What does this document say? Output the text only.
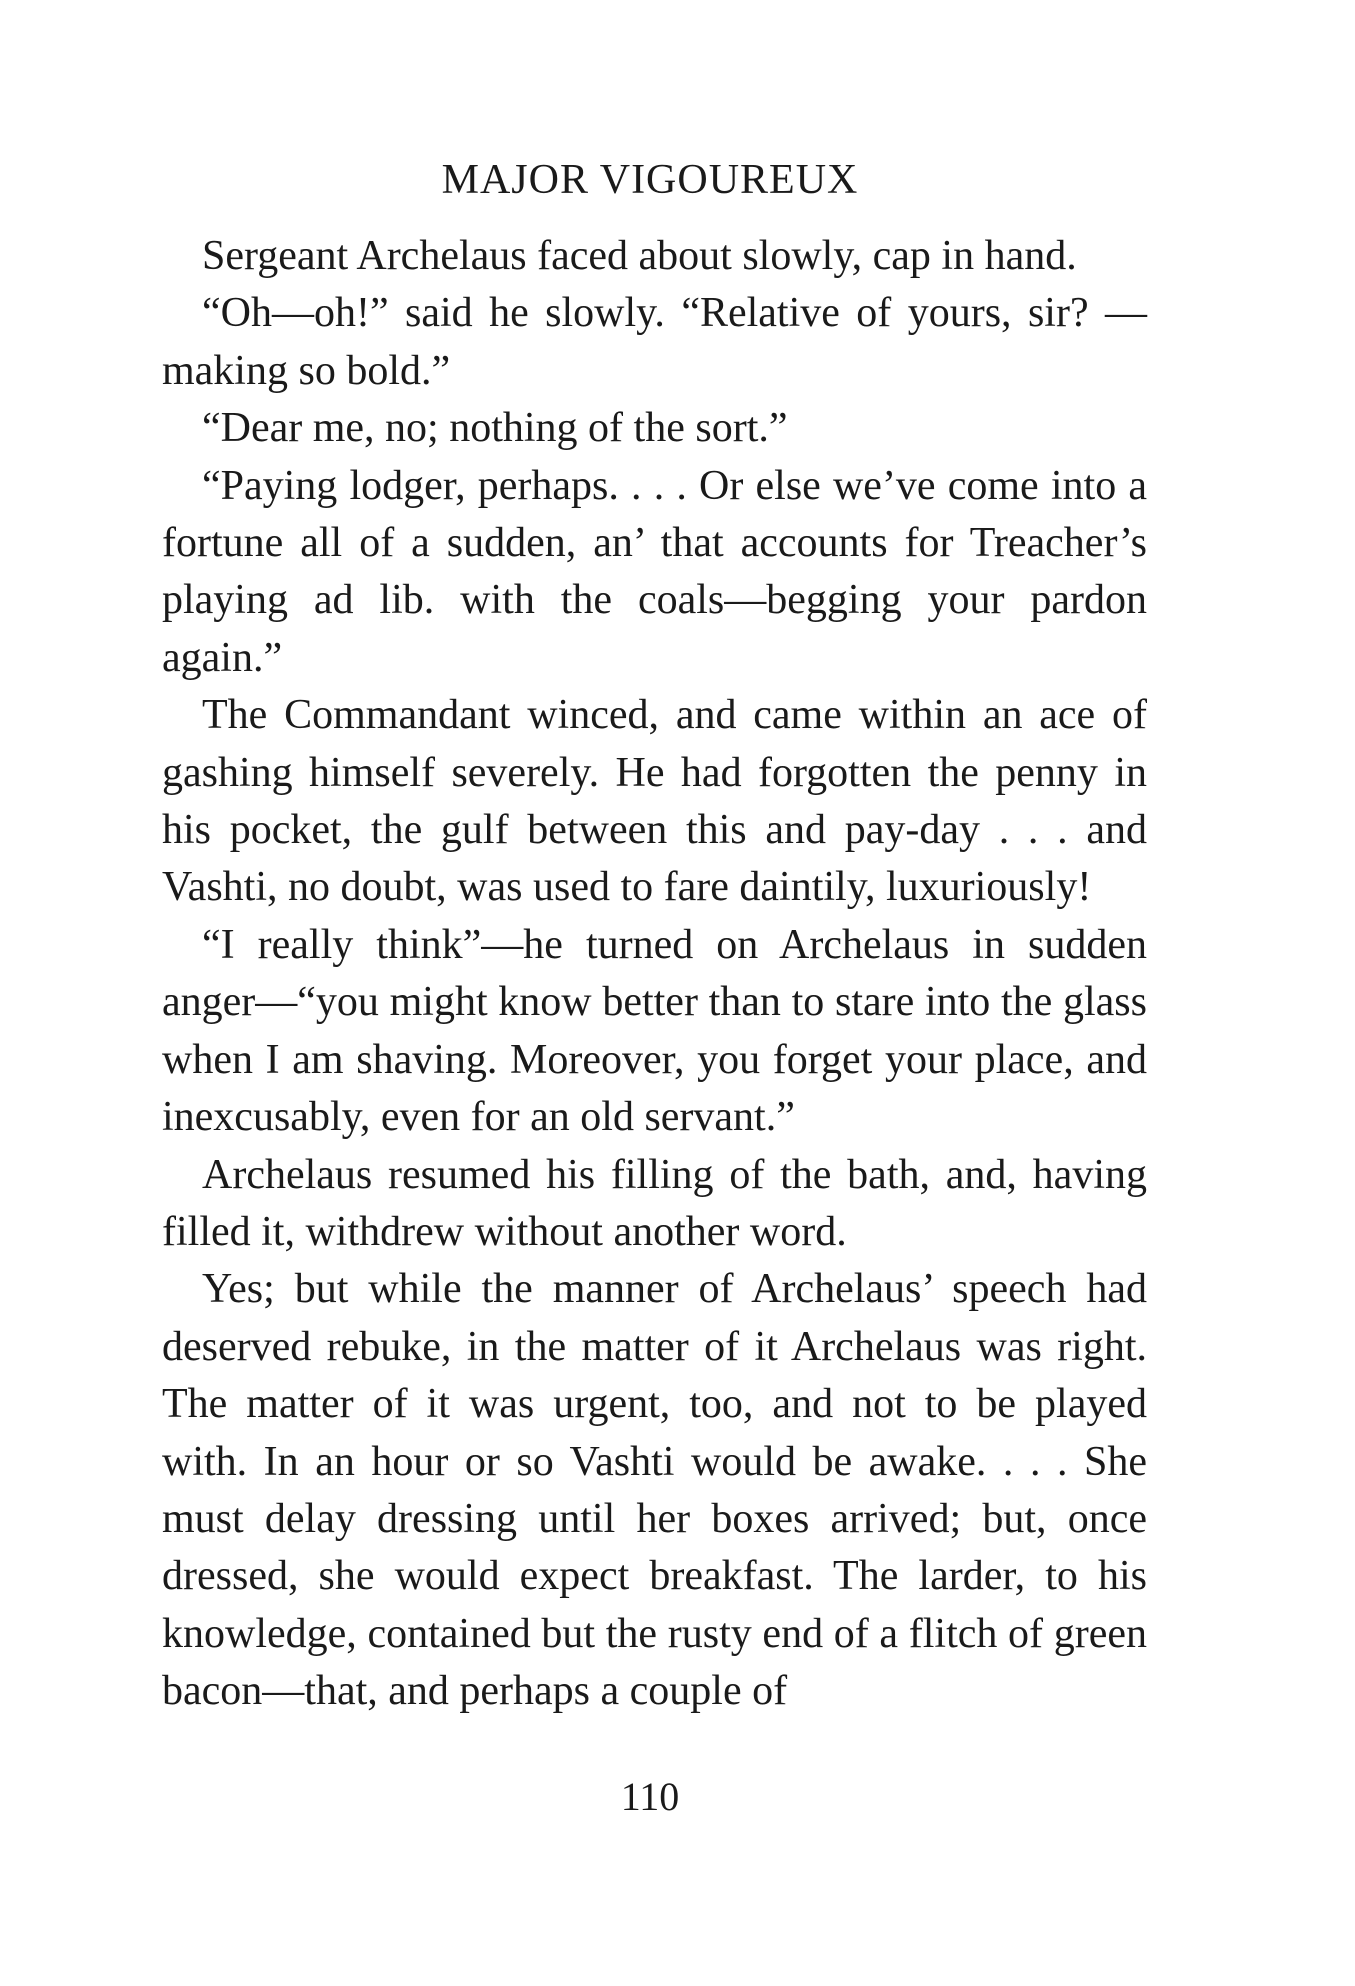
MAJOR VIGOUREUX

Sergeant Archelaus faced about slowly, cap in hand.

“Oh—oh!” said he slowly. “Relative of yours, sir? —making so bold.”

“Dear me, no; nothing of the sort.”

“Paying lodger, perhaps. . . . Or else we’ve come into a fortune all of a sudden, an’ that accounts for Treacher’s playing ad lib. with the coals—begging your pardon again.”

The Commandant winced, and came within an ace of gashing himself severely. He had forgotten the penny in his pocket, the gulf between this and pay-day . . . and Vashti, no doubt, was used to fare daintily, luxuriously!

“I really think”—he turned on Archelaus in sudden anger—“you might know better than to stare into the glass when I am shaving. Moreover, you forget your place, and inexcusably, even for an old servant.”

Archelaus resumed his filling of the bath, and, having filled it, withdrew without another word.

Yes; but while the manner of Archelaus’ speech had deserved rebuke, in the matter of it Archelaus was right. The matter of it was urgent, too, and not to be played with. In an hour or so Vashti would be awake. . . . She must delay dressing until her boxes arrived; but, once dressed, she would expect breakfast. The larder, to his knowledge, contained but the rusty end of a flitch of green bacon—that, and perhaps a couple of

110
